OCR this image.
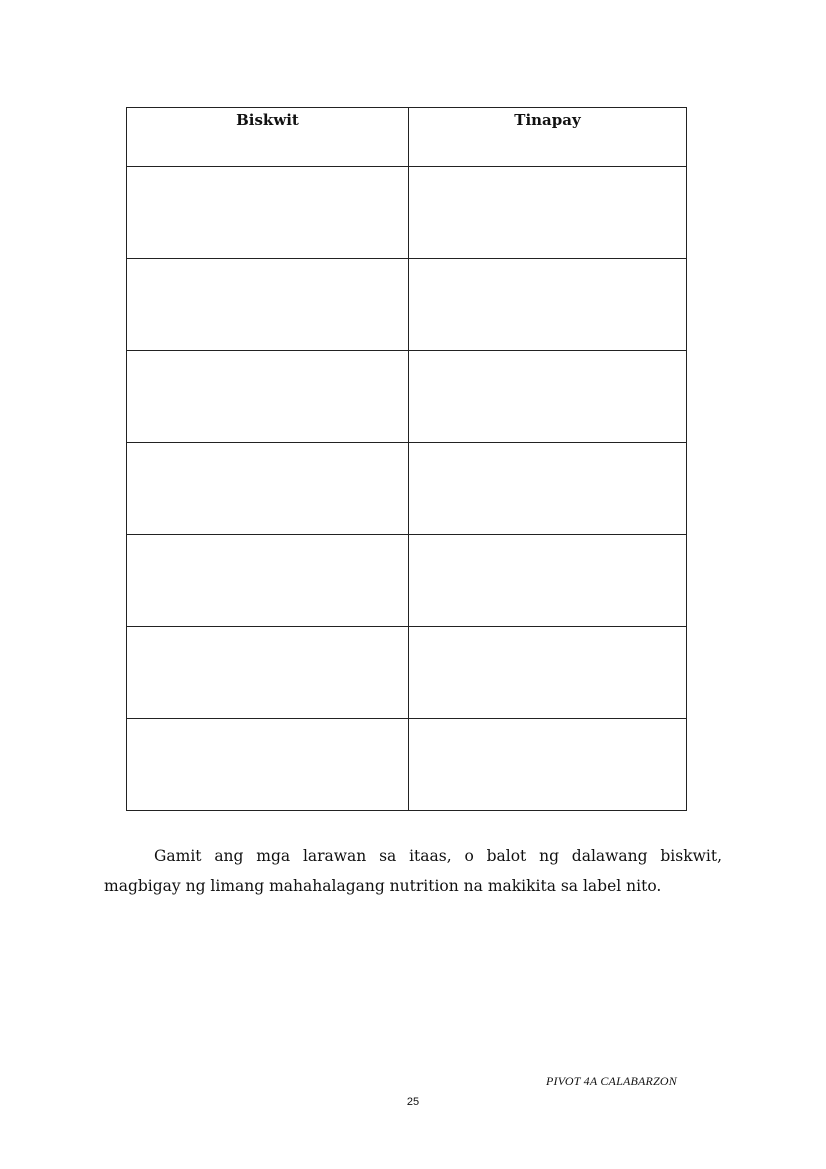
Biskwit	Tinapay

Gamit ang mga larawan sa itaas, o balot ng dalawang biskwit, magbigay ng limang mahahalagang nutrition na makikita sa label nito.

PIVOT 4A CALABARZON
25
